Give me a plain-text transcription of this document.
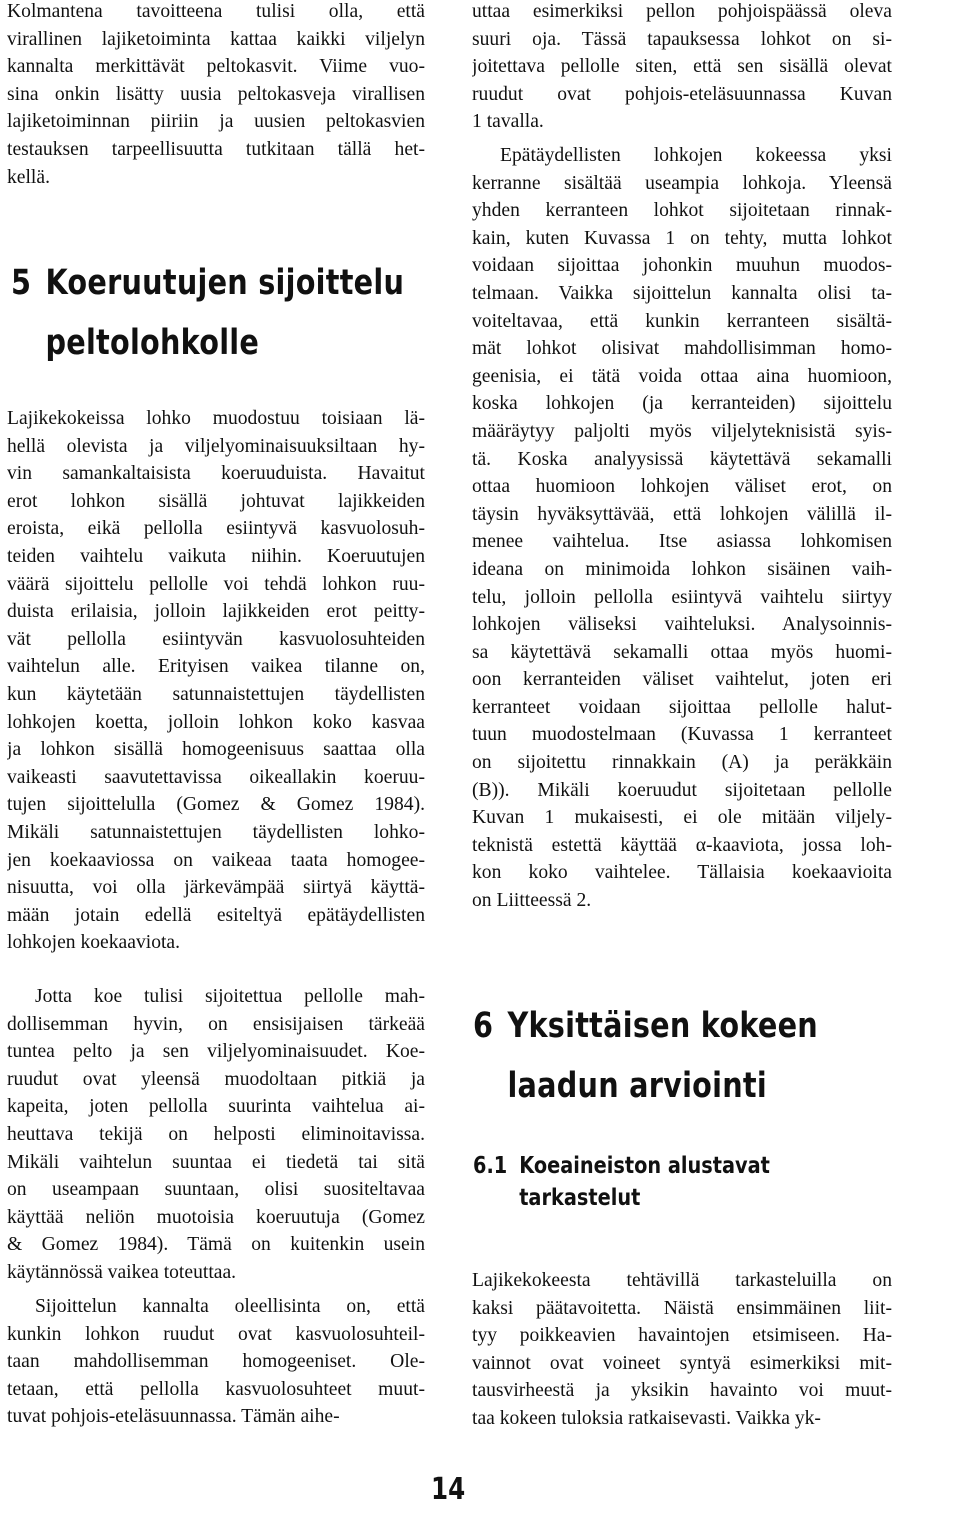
Kolmantena tavoitteena tulisi olla, että
virallinen lajiketoiminta kattaa kaikki viljelyn
kannalta merkittävät peltokasvit. Viime vuo-
sina onkin lisätty uusia peltokasveja virallisen
lajiketoiminnan piiriin ja uusien peltokasvien
testauksen tarpeellisuutta tutkitaan tällä het-
kellä.
5 Koeruutujen sijoittelu
peltolohkolle
Lajikekokeissa lohko muodostuu toisiaan lä-
hellä olevista ja viljelyominaisuuksiltaan hy-
vin samankaltaisista koeruuduista. Havaitut
erot lohkon sisällä johtuvat lajikkeiden
eroista, eikä pellolla esiintyvä kasvuolosuh-
teiden vaihtelu vaikuta niihin. Koeruutujen
väärä sijoittelu pellolle voi tehdä lohkon ruu-
duista erilaisia, jolloin lajikkeiden erot peitty-
vät pellolla esiintyvän kasvuolosuhteiden
vaihtelun alle. Erityisen vaikea tilanne on,
kun käytetään satunnaistettujen täydellisten
lohkojen koetta, jolloin lohkon koko kasvaa
ja lohkon sisällä homogeenisuus saattaa olla
vaikeasti saavutettavissa oikeallakin koeruu-
tujen sijoittelulla (Gomez & Gomez 1984).
Mikäli satunnaistettujen täydellisten lohko-
jen koekaaviossa on vaikeaa taata homogee-
nisuutta, voi olla järkevämpää siirtyä käyttä-
mään jotain edellä esiteltyä epätäydellisten
lohkojen koekaaviota.
Jotta koe tulisi sijoitettua pellolle mah-
dollisemman hyvin, on ensisijaisen tärkeää
tuntea pelto ja sen viljelyominaisuudet. Koe-
ruudut ovat yleensä muodoltaan pitkiä ja
kapeita, joten pellolla suurinta vaihtelua ai-
heuttava tekijä on helposti eliminoitavissa.
Mikäli vaihtelun suuntaa ei tiedetä tai sitä
on useampaan suuntaan, olisi suositeltavaa
käyttää neliön muotoisia koeruutuja (Gomez
& Gomez 1984). Tämä on kuitenkin usein
käytännössä vaikea toteuttaa.
Sijoittelun kannalta oleellisinta on, että
kunkin lohkon ruudut ovat kasvuolosuhteil-
taan mahdollisemman homogeeniset. Ole-
tetaan, että pellolla kasvuolosuhteet muut-
tuvat pohjois-eteläsuunnassa. Tämän aihe-
uttaa esimerkiksi pellon pohjoispäässä oleva
suuri oja. Tässä tapauksessa lohkot on si-
joitettava pellolle siten, että sen sisällä olevat
ruudut ovat pohjois-eteläsuunnassa Kuvan
1 tavalla.
Epätäydellisten lohkojen kokeessa yksi
kerranne sisältää useampia lohkoja. Yleensä
yhden kerranteen lohkot sijoitetaan rinnak-
kain, kuten Kuvassa 1 on tehty, mutta lohkot
voidaan sijoittaa johonkin muuhun muodos-
telmaan. Vaikka sijoittelun kannalta olisi ta-
voiteltavaa, että kunkin kerranteen sisältä-
mät lohkot olisivat mahdollisimman homo-
geenisia, ei tätä voida ottaa aina huomioon,
koska lohkojen (ja kerranteiden) sijoittelu
määräytyy paljolti myös viljelyteknisistä syis-
tä. Koska analyysissä käytettävä sekamalli
ottaa huomioon lohkojen väliset erot, on
täysin hyväksyttävää, että lohkojen välillä il-
menee vaihtelua. Itse asiassa lohkomisen
ideana on minimoida lohkon sisäinen vaih-
telu, jolloin pellolla esiintyvä vaihtelu siirtyy
lohkojen väliseksi vaihteluksi. Analysoinnis-
sa käytettävä sekamalli ottaa myös huomi-
oon kerranteiden väliset vaihtelut, joten eri
kerranteet voidaan sijoittaa pellolle halut-
tuun muodostelmaan (Kuvassa 1 kerranteet
on sijoitettu rinnakkain (A) ja peräkkäin
(B)). Mikäli koeruudut sijoitetaan pellolle
Kuvan 1 mukaisesti, ei ole mitään viljely-
teknistä estettä käyttää α-kaaviota, jossa loh-
kon koko vaihtelee. Tällaisia koekaavioita
on Liitteessä 2.
6 Yksittäisen kokeen
laadun arviointi
6.1 Koeaineiston alustavat
tarkastelut
Lajikekokeesta tehtävillä tarkasteluilla on
kaksi päätavoitetta. Näistä ensimmäinen liit-
tyy poikkeavien havaintojen etsimiseen. Ha-
vainnot ovat voineet syntyä esimerkiksi mit-
tausvirheestä ja yksikin havainto voi muut-
taa kokeen tuloksia ratkaisevasti. Vaikka yk-
14
